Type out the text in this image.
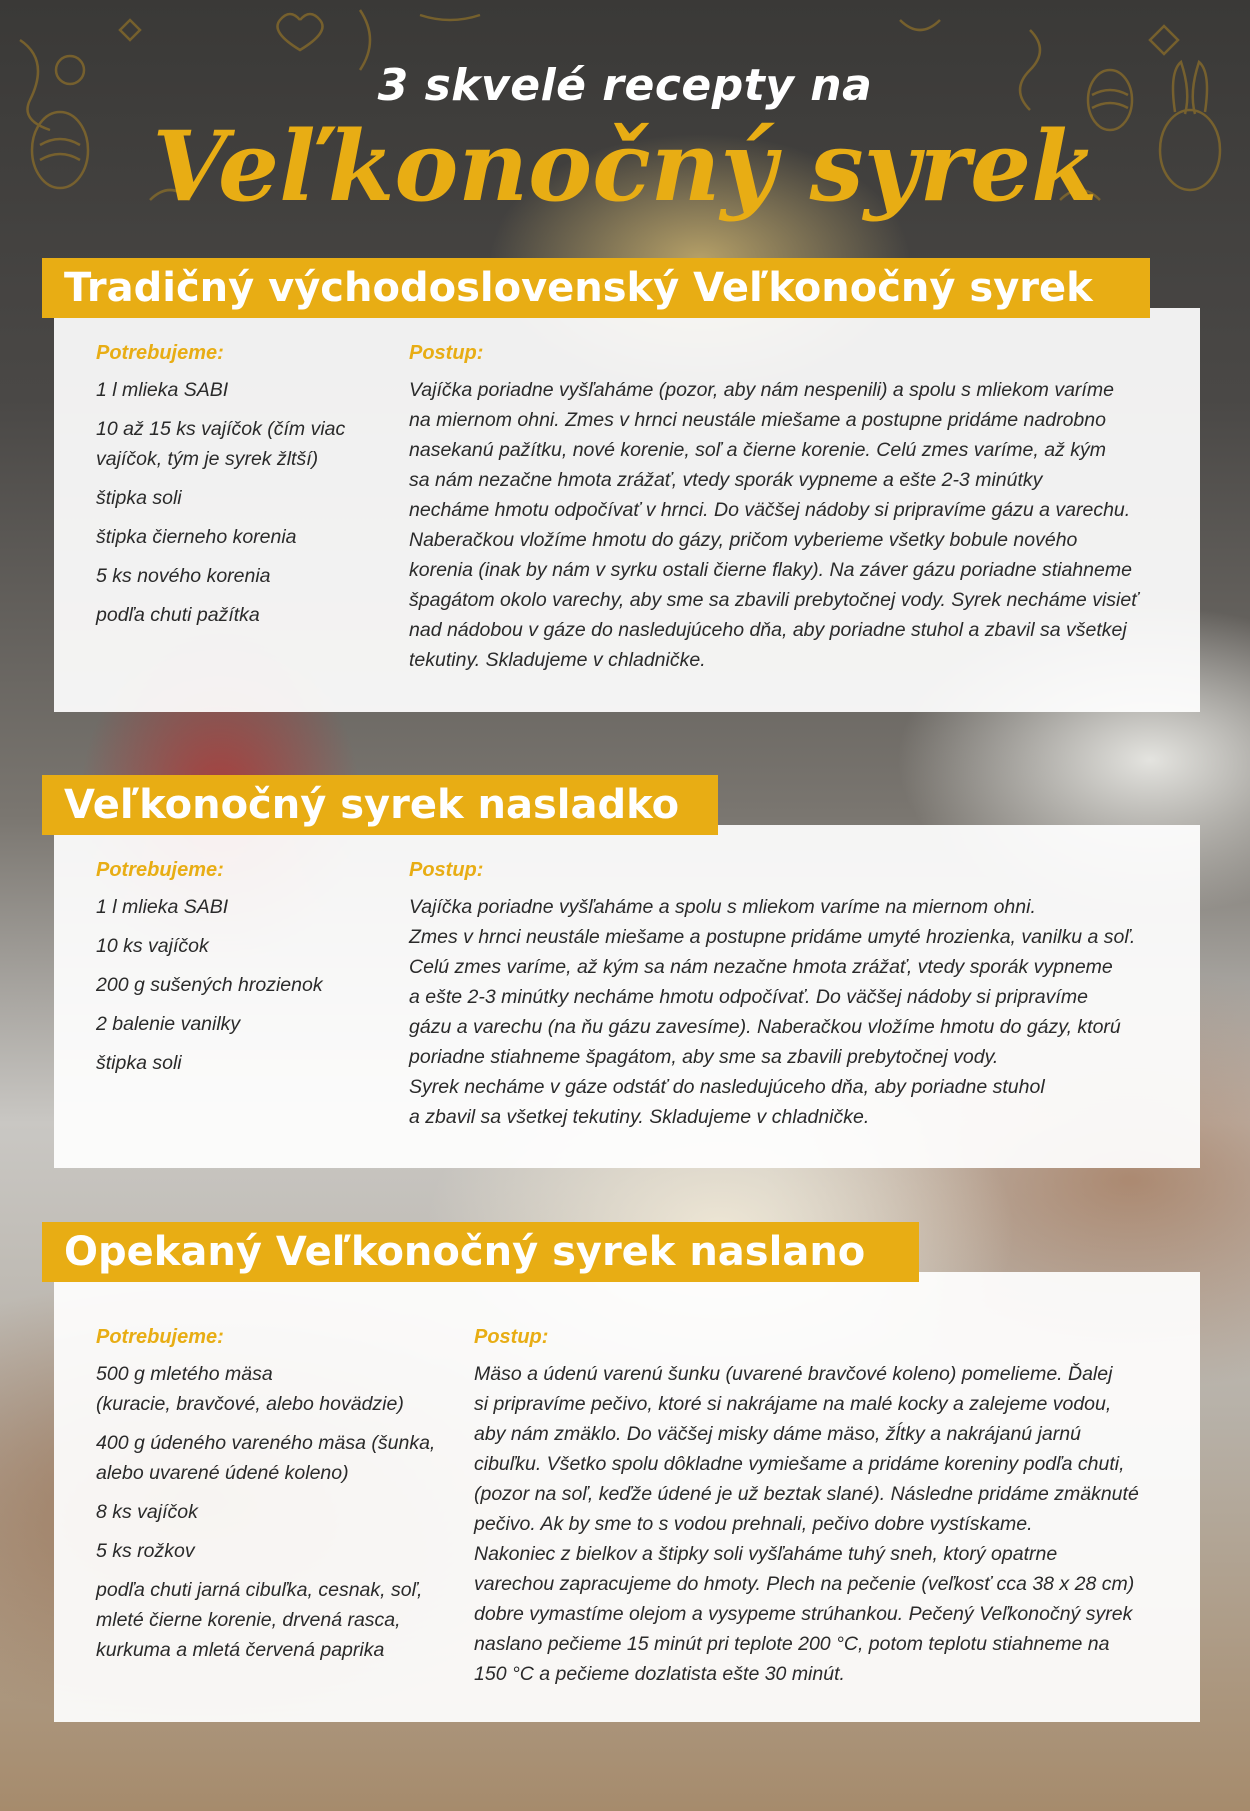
3 skvelé recepty na
Veľkonočný syrek
Tradičný východoslovenský Veľkonočný syrek
Potrebujeme:
1 l mlieka SABI
10 až 15 ks vajíčok (čím viac
vajíčok, tým je syrek žltší)
štipka soli
štipka čierneho korenia
5 ks nového korenia
podľa chuti pažítka
Postup:
Vajíčka poriadne vyšľaháme (pozor, aby nám nespenili) a spolu s mliekom varíme
na miernom ohni. Zmes v hrnci neustále miešame a postupne pridáme nadrobno
nasekanú pažítku, nové korenie, soľ a čierne korenie. Celú zmes varíme, až kým
sa nám nezačne hmota zrážať, vtedy sporák vypneme a ešte 2-3 minútky
necháme hmotu odpočívať v hrnci. Do väčšej nádoby si pripravíme gázu a varechu.
Naberačkou vložíme hmotu do gázy, pričom vyberieme všetky bobule nového
korenia (inak by nám v syrku ostali čierne flaky). Na záver gázu poriadne stiahneme
špagátom okolo varechy, aby sme sa zbavili prebytočnej vody. Syrek necháme visieť
nad nádobou v gáze do nasledujúceho dňa, aby poriadne stuhol a zbavil sa všetkej
tekutiny. Skladujeme v chladničke.
Veľkonočný syrek nasladko
Potrebujeme:
1 l mlieka SABI
10 ks vajíčok
200 g sušených hrozienok
2 balenie vanilky
štipka soli
Postup:
Vajíčka poriadne vyšľaháme a spolu s mliekom varíme na miernom ohni.
Zmes v hrnci neustále miešame a postupne pridáme umyté hrozienka, vanilku a soľ.
Celú zmes varíme, až kým sa nám nezačne hmota zrážať, vtedy sporák vypneme
a ešte 2-3 minútky necháme hmotu odpočívať. Do väčšej nádoby si pripravíme
gázu a varechu (na ňu gázu zavesíme). Naberačkou vložíme hmotu do gázy, ktorú
poriadne stiahneme špagátom, aby sme sa zbavili prebytočnej vody.
Syrek necháme v gáze odstáť do nasledujúceho dňa, aby poriadne stuhol
a zbavil sa všetkej tekutiny. Skladujeme v chladničke.
Opekaný Veľkonočný syrek naslano
Potrebujeme:
500 g mletého mäsa
(kuracie, bravčové, alebo hovädzie)
400 g údeného vareného mäsa (šunka,
alebo uvarené údené koleno)
8 ks vajíčok
5 ks rožkov
podľa chuti jarná cibuľka, cesnak, soľ,
mleté čierne korenie, drvená rasca,
kurkuma a mletá červená paprika
Postup:
Mäso a údenú varenú šunku (uvarené bravčové koleno) pomelieme. Ďalej
si pripravíme pečivo, ktoré si nakrájame na malé kocky a zalejeme vodou,
aby nám zmäklo. Do väčšej misky dáme mäso, žĺtky a nakrájanú jarnú
cibuľku. Všetko spolu dôkladne vymiešame a pridáme koreniny podľa chuti,
(pozor na soľ, keďže údené je už beztak slané). Následne pridáme zmäknuté
pečivo. Ak by sme to s vodou prehnali, pečivo dobre vystískame.
Nakoniec z bielkov a štipky soli vyšľaháme tuhý sneh, ktorý opatrne
varechou zapracujeme do hmoty. Plech na pečenie (veľkosť cca 38 x 28 cm)
dobre vymastíme olejom a vysypeme strúhankou. Pečený Veľkonočný syrek
naslano pečieme 15 minút pri teplote 200 °C, potom teplotu stiahneme na
150 °C a pečieme dozlatista ešte 30 minút.
